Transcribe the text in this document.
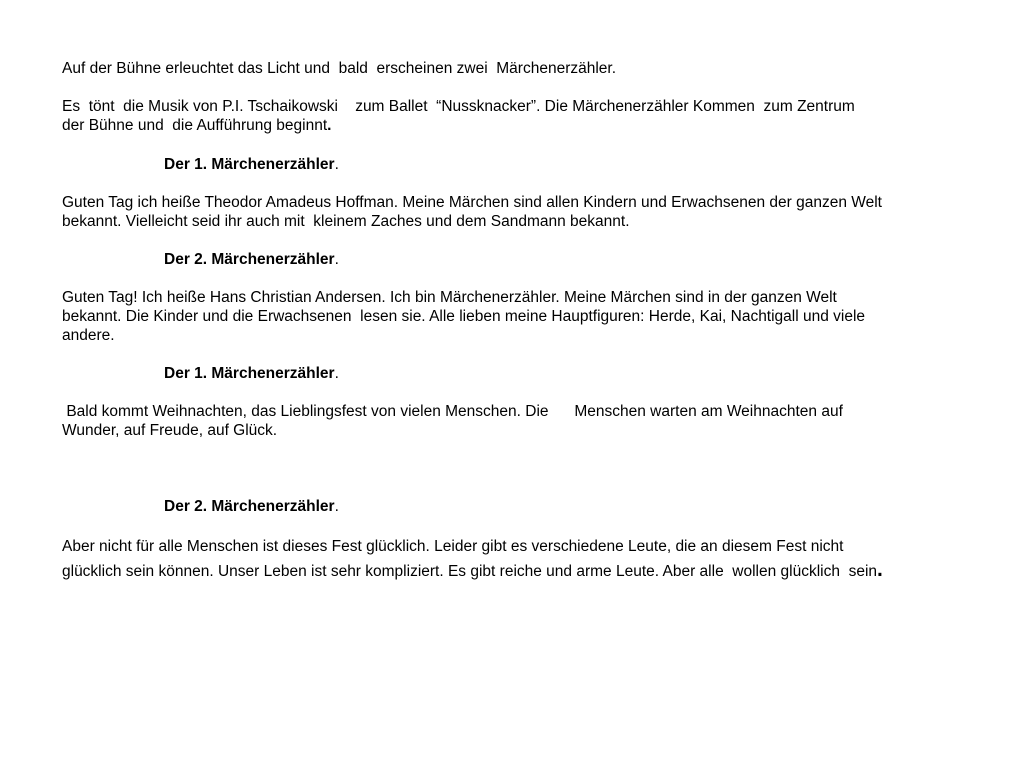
Auf der Bühne erleuchtet das Licht und  bald  erscheinen zwei  Märchenerzähler.

Es  tönt  die Musik von P.I. Tschaikowski    zum Ballet  “Nussknacker”. Die Märchenerzähler Kommen  zum Zentrum
der Bühne und  die Aufführung beginnt.

Der 1. Märchenerzähler.

Guten Tag ich heiße Theodor Amadeus Hoffman. Meine Märchen sind allen Kindern und Erwachsenen der ganzen Welt
bekannt. Vielleicht seid ihr auch mit  kleinem Zaches und dem Sandmann bekannt.

Der 2. Märchenerzähler.

Guten Tag! Ich heiße Hans Christian Andersen. Ich bin Märchenerzähler. Meine Märchen sind in der ganzen Welt
bekannt. Die Kinder und die Erwachsenen  lesen sie. Alle lieben meine Hauptfiguren: Herde, Kai, Nachtigall und viele
andere.

Der 1. Märchenerzähler.

Bald kommt Weihnachten, das Lieblingsfest von vielen Menschen. Die      Menschen warten am Weihnachten auf
Wunder, auf Freude, auf Glück.

Der 2. Märchenerzähler.

Aber nicht für alle Menschen ist dieses Fest glücklich. Leider gibt es verschiedene Leute, die an diesem Fest nicht
glücklich sein können. Unser Leben ist sehr kompliziert. Es gibt reiche und arme Leute. Aber alle  wollen glücklich  sein.
